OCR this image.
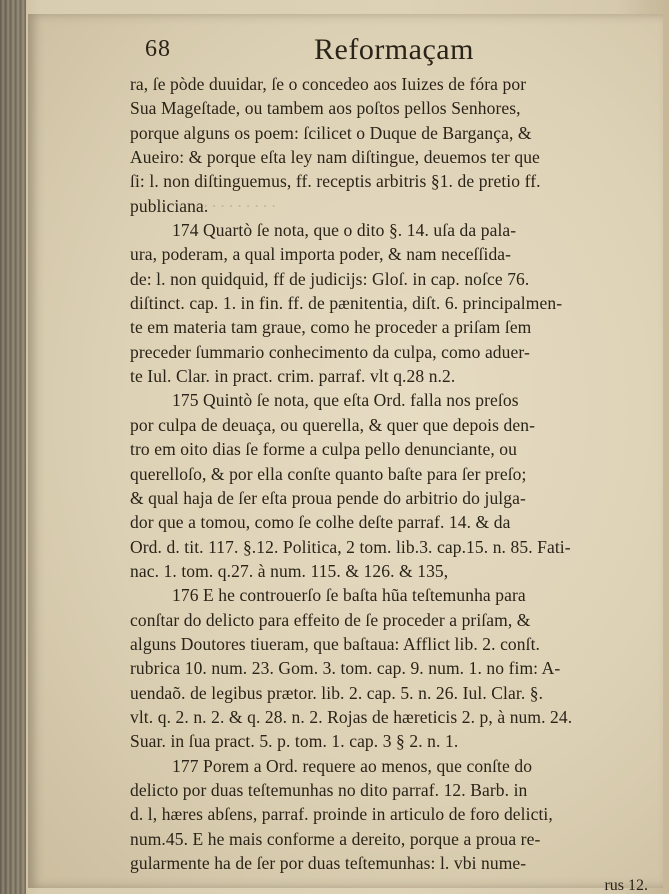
. . . . . . . . . . . .
68	Reformaçam
ra, ſe pòde duuidar, ſe o concedeo aos Iuizes de fóra por
Sua Mageſtade, ou tambem aos poſtos pellos Senhores,
porque alguns os poem: ſcilicet o Duque de Bargança, &
Aueiro: & porque eſta ley nam diſtingue, deuemos ter que
ſi: l. non diſtinguemus, ff. receptis arbitris §1. de pretio ff.
publiciana.
174 Quartò ſe nota, que o dito §. 14. uſa da pala-
ura, poderam, a qual importa poder, & nam neceſſida-
de: l. non quidquid, ff de judicijs: Gloſ. in cap. noſce 76.
diſtinct. cap. 1. in fin. ff. de pænitentia, diſt. 6. principalmen-
te em materia tam graue, como he proceder a priſam ſem
preceder ſummario conhecimento da culpa, como aduer-
te Iul. Clar. in pract. crim. parraf. vlt q.28 n.2.
175 Quintò ſe nota, que eſta Ord. falla nos preſos
por culpa de deuaça, ou querella, & quer que depois den-
tro em oito dias ſe forme a culpa pello denunciante, ou
querelloſo, & por ella conſte quanto baſte para ſer preſo;
& qual haja de ſer eſta proua pende do arbitrio do julga-
dor que a tomou, como ſe colhe deſte parraf. 14. & da
Ord. d. tit. 117. §.12. Politica, 2 tom. lib.3. cap.15. n. 85. Fati-
nac. 1. tom. q.27. à num. 115. & 126. & 135,
176 E he controuerſo ſe baſta hũa teſtemunha para
conſtar do delicto para effeito de ſe proceder a priſam, &
alguns Doutores tiueram, que baſtaua: Afflict lib. 2. conſt.
rubrica 10. num. 23. Gom. 3. tom. cap. 9. num. 1. no fim: A-
uendaõ. de legibus prætor. lib. 2. cap. 5. n. 26. Iul. Clar. §.
vlt. q. 2. n. 2. & q. 28. n. 2. Rojas de hæreticis 2. p, à num. 24.
Suar. in ſua pract. 5. p. tom. 1. cap. 3 § 2. n. 1.
177 Porem a Ord. requere ao menos, que conſte do
delicto por duas teſtemunhas no dito parraf. 12. Barb. in
d. l, hæres abſens, parraf. proinde in articulo de foro delicti,
num.45. E he mais conforme a dereito, porque a proua re-
gularmente ha de ſer por duas teſtemunhas: l. vbi nume-
rus 12.
